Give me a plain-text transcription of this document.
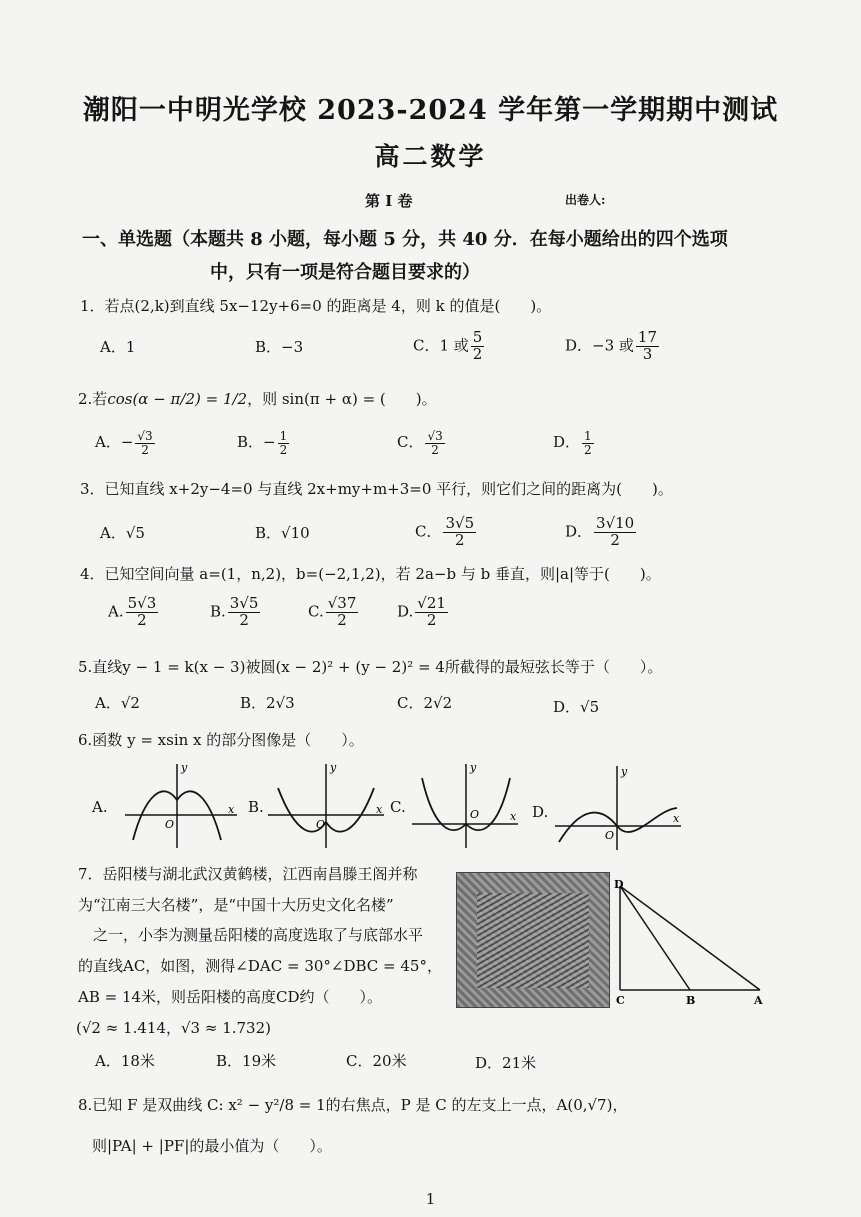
潮阳一中明光学校 2023-2024 学年第一学期期中测试
高二数学
第 I 卷	出卷人:
一、单选题（本题共 8 小题，每小题 5 分，共 40 分．在每小题给出的四个选项
中，只有一项是符合题目要求的）
1．若点(2,k)到直线 5x−12y+6=0 的距离是 4，则 k 的值是(　　)。
A．1	B．−3	C．1 或 $\frac{5}{2}$	D．−3 或 $\frac{17}{3}$
2.若cos(α − π/2) = 1/2，则 sin(π + α) = (　　)。
A．− $\frac{√3}{2}$	B．− $\frac{1}{2}$	C． $\frac{√3}{2}$	D． $\frac{1}{2}$
3．已知直线 x+2y−4=0 与直线 2x+my+m+3=0 平行，则它们之间的距离为(　　)。
A．√5	B．√10	C． $\frac{3√5}{2}$	D． $\frac{3√10}{2}$
4．已知空间向量 a=(1，n,2)，b=(−2,1,2)，若 2a−b 与 b 垂直，则|a|等于(　　)。
A. $\frac{5√3}{2}$	B. $\frac{3√5}{2}$	C. $\frac{√37}{2}$	D. $\frac{√21}{2}$
5.直线y − 1 = k(x − 3)被圆(x − 2)² + (y − 2)² = 4所截得的最短弦长等于（　　）。
A．√2	B．2√3	C．2√2	D．√5
6.函数 y = xsin x 的部分图像是（　　）。
A.	B.	C.	D.
y
x
O
y
x
O
y
x
O
y
x
O
7．岳阳楼与湖北武汉黄鹤楼，江西南昌滕王阁并称
为“江南三大名楼”，是“中国十大历史文化名楼”
之一，小李为测量岳阳楼的高度选取了与底部水平
的直线AC，如图，测得∠DAC = 30°∠DBC = 45°，
AB = 14米，则岳阳楼的高度CD约（　　）。
(√2 ≈ 1.414，√3 ≈ 1.732)
A．18米	B．19米	C．20米	D．21米
D
C	B	A
8.已知 F 是双曲线 C: x² − y²/8 = 1的右焦点，P 是 C 的左支上一点，A(0,√7)，
则|PA| + |PF|的最小值为（　　）。
1
